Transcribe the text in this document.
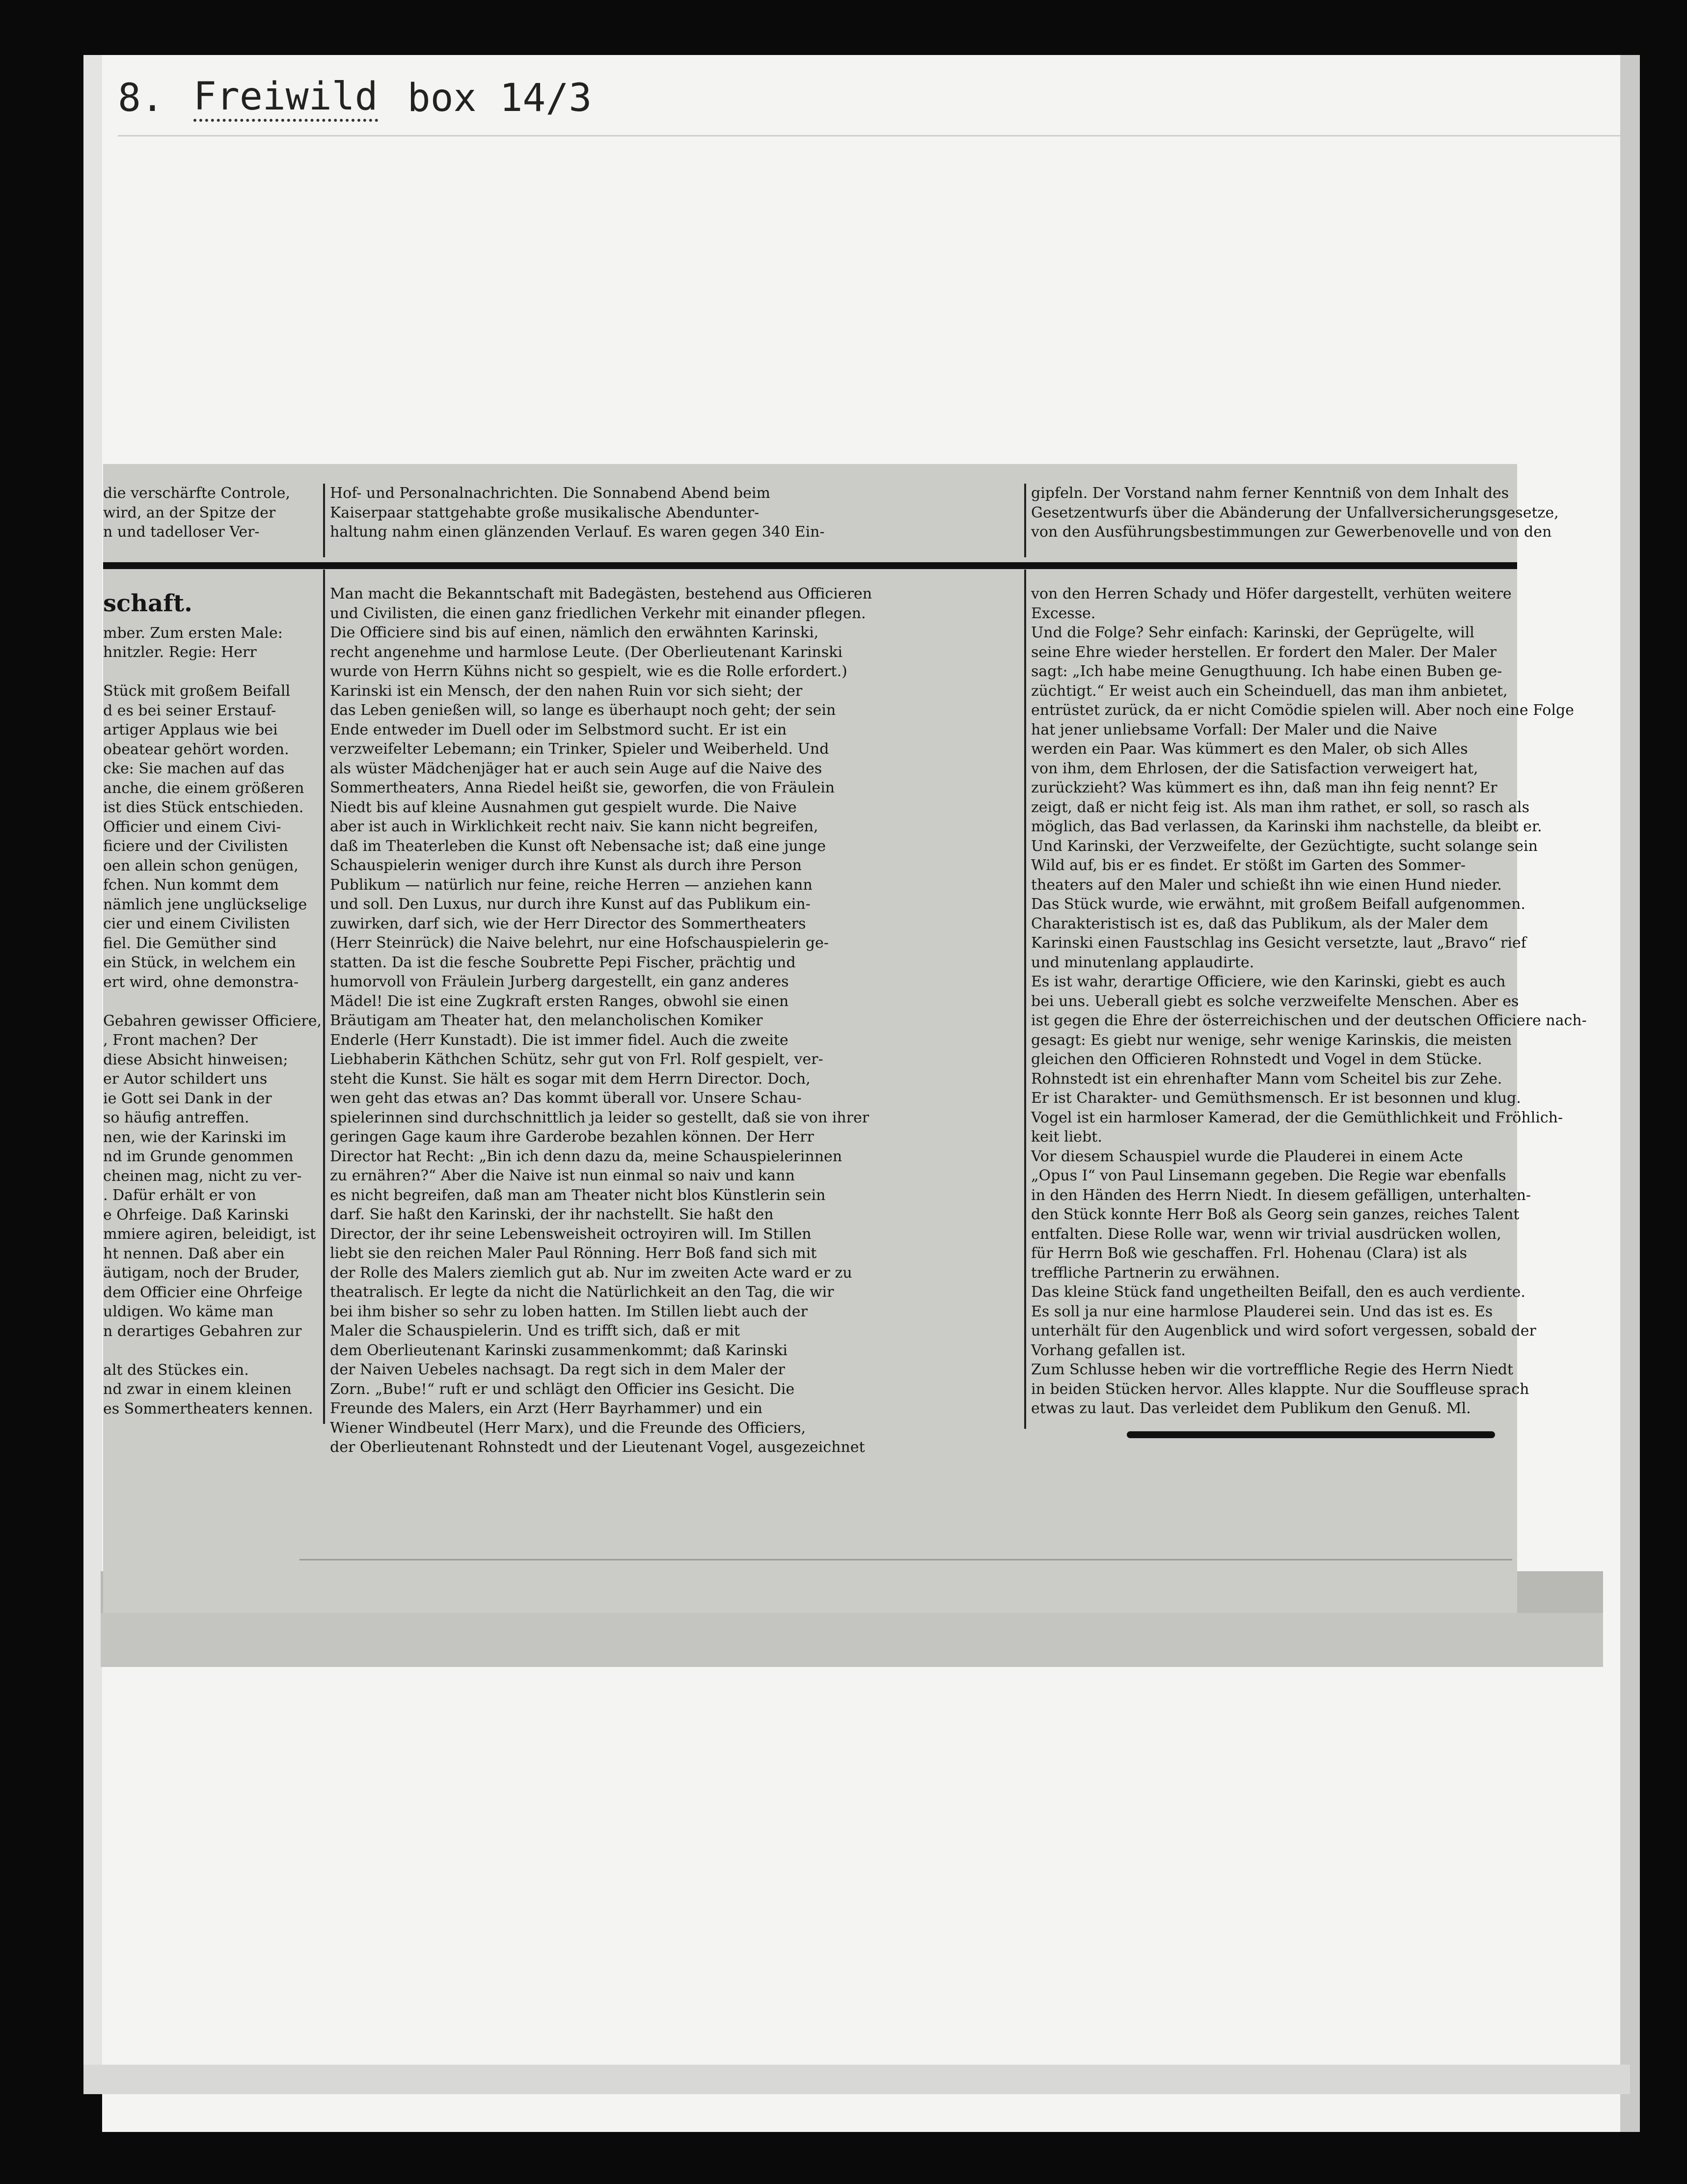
8. Freiwild box 14/3
die verschärfte Controle,
wird, an der Spitze der
n und tadelloser Ver-
Hof- und Personalnachrichten. Die Sonnabend Abend beim
Kaiserpaar stattgehabte große musikalische Abendunter-
haltung nahm einen glänzenden Verlauf. Es waren gegen 340 Ein-
gipfeln. Der Vorstand nahm ferner Kenntniß von dem Inhalt des
Gesetzentwurfs über die Abänderung der Unfallversicherungsgesetze,
von den Ausführungsbestimmungen zur Gewerbenovelle und von den
schaft.
mber. Zum ersten Male:
hnitzler. Regie: Herr

Stück mit großem Beifall
d es bei seiner Erstauf-
artiger Applaus wie bei
obeatear gehört worden.
cke: Sie machen auf das
anche, die einem größeren
ist dies Stück entschieden.
Officier und einem Civi-
ficiere und der Civilisten
oen allein schon genügen,
fchen. Nun kommt dem
nämlich jene unglückselige
cier und einem Civilisten
fiel. Die Gemüther sind
ein Stück, in welchem ein
ert wird, ohne demonstra-

Gebahren gewisser Officiere,
, Front machen? Der
diese Absicht hinweisen;
er Autor schildert uns
ie Gott sei Dank in der
so häufig antreffen.
nen, wie der Karinski im
nd im Grunde genommen
cheinen mag, nicht zu ver-
. Dafür erhält er von
e Ohrfeige. Daß Karinski
mmiere agiren, beleidigt, ist
ht nennen. Daß aber ein
äutigam, noch der Bruder,
dem Officier eine Ohrfeige
uldigen. Wo käme man
n derartiges Gebahren zur

alt des Stückes ein.
nd zwar in einem kleinen
es Sommertheaters kennen.
Man macht die Bekanntschaft mit Badegästen, bestehend aus Officieren
und Civilisten, die einen ganz friedlichen Verkehr mit einander pflegen.
Die Officiere sind bis auf einen, nämlich den erwähnten Karinski,
recht angenehme und harmlose Leute. (Der Oberlieutenant Karinski
wurde von Herrn Kühns nicht so gespielt, wie es die Rolle erfordert.)
Karinski ist ein Mensch, der den nahen Ruin vor sich sieht; der
das Leben genießen will, so lange es überhaupt noch geht; der sein
Ende entweder im Duell oder im Selbstmord sucht. Er ist ein
verzweifelter Lebemann; ein Trinker, Spieler und Weiberheld. Und
als wüster Mädchenjäger hat er auch sein Auge auf die Naive des
Sommertheaters, Anna Riedel heißt sie, geworfen, die von Fräulein
Niedt bis auf kleine Ausnahmen gut gespielt wurde. Die Naive
aber ist auch in Wirklichkeit recht naiv. Sie kann nicht begreifen,
daß im Theaterleben die Kunst oft Nebensache ist; daß eine junge
Schauspielerin weniger durch ihre Kunst als durch ihre Person
Publikum — natürlich nur feine, reiche Herren — anziehen kann
und soll. Den Luxus, nur durch ihre Kunst auf das Publikum ein-
zuwirken, darf sich, wie der Herr Director des Sommertheaters
(Herr Steinrück) die Naive belehrt, nur eine Hofschauspielerin ge-
statten. Da ist die fesche Soubrette Pepi Fischer, prächtig und
humorvoll von Fräulein Jurberg dargestellt, ein ganz anderes
Mädel! Die ist eine Zugkraft ersten Ranges, obwohl sie einen
Bräutigam am Theater hat, den melancholischen Komiker
Enderle (Herr Kunstadt). Die ist immer fidel. Auch die zweite
Liebhaberin Käthchen Schütz, sehr gut von Frl. Rolf gespielt, ver-
steht die Kunst. Sie hält es sogar mit dem Herrn Director. Doch,
wen geht das etwas an? Das kommt überall vor. Unsere Schau-
spielerinnen sind durchschnittlich ja leider so gestellt, daß sie von ihrer
geringen Gage kaum ihre Garderobe bezahlen können. Der Herr
Director hat Recht: „Bin ich denn dazu da, meine Schauspielerinnen
zu ernähren?“ Aber die Naive ist nun einmal so naiv und kann
es nicht begreifen, daß man am Theater nicht blos Künstlerin sein
darf. Sie haßt den Karinski, der ihr nachstellt. Sie haßt den
Director, der ihr seine Lebensweisheit octroyiren will. Im Stillen
liebt sie den reichen Maler Paul Rönning. Herr Boß fand sich mit
der Rolle des Malers ziemlich gut ab. Nur im zweiten Acte ward er zu
theatralisch. Er legte da nicht die Natürlichkeit an den Tag, die wir
bei ihm bisher so sehr zu loben hatten. Im Stillen liebt auch der
Maler die Schauspielerin. Und es trifft sich, daß er mit
dem Oberlieutenant Karinski zusammenkommt; daß Karinski
der Naiven Uebeles nachsagt. Da regt sich in dem Maler der
Zorn. „Bube!“ ruft er und schlägt den Officier ins Gesicht. Die
Freunde des Malers, ein Arzt (Herr Bayrhammer) und ein
Wiener Windbeutel (Herr Marx), und die Freunde des Officiers,
der Oberlieutenant Rohnstedt und der Lieutenant Vogel, ausgezeichnet
von den Herren Schady und Höfer dargestellt, verhüten weitere
Excesse.
Und die Folge? Sehr einfach: Karinski, der Geprügelte, will
seine Ehre wieder herstellen. Er fordert den Maler. Der Maler
sagt: „Ich habe meine Genugthuung. Ich habe einen Buben ge-
züchtigt.“ Er weist auch ein Scheinduell, das man ihm anbietet,
entrüstet zurück, da er nicht Comödie spielen will. Aber noch eine Folge
hat jener unliebsame Vorfall: Der Maler und die Naive
werden ein Paar. Was kümmert es den Maler, ob sich Alles
von ihm, dem Ehrlosen, der die Satisfaction verweigert hat,
zurückzieht? Was kümmert es ihn, daß man ihn feig nennt? Er
zeigt, daß er nicht feig ist. Als man ihm rathet, er soll, so rasch als
möglich, das Bad verlassen, da Karinski ihm nachstelle, da bleibt er.
Und Karinski, der Verzweifelte, der Gezüchtigte, sucht solange sein
Wild auf, bis er es findet. Er stößt im Garten des Sommer-
theaters auf den Maler und schießt ihn wie einen Hund nieder.
Das Stück wurde, wie erwähnt, mit großem Beifall aufgenommen.
Charakteristisch ist es, daß das Publikum, als der Maler dem
Karinski einen Faustschlag ins Gesicht versetzte, laut „Bravo“ rief
und minutenlang applaudirte.
Es ist wahr, derartige Officiere, wie den Karinski, giebt es auch
bei uns. Ueberall giebt es solche verzweifelte Menschen. Aber es
ist gegen die Ehre der österreichischen und der deutschen Officiere nach-
gesagt: Es giebt nur wenige, sehr wenige Karinskis, die meisten
gleichen den Officieren Rohnstedt und Vogel in dem Stücke.
Rohnstedt ist ein ehrenhafter Mann vom Scheitel bis zur Zehe.
Er ist Charakter- und Gemüthsmensch. Er ist besonnen und klug.
Vogel ist ein harmloser Kamerad, der die Gemüthlichkeit und Fröhlich-
keit liebt.
Vor diesem Schauspiel wurde die Plauderei in einem Acte
„Opus I“ von Paul Linsemann gegeben. Die Regie war ebenfalls
in den Händen des Herrn Niedt. In diesem gefälligen, unterhalten-
den Stück konnte Herr Boß als Georg sein ganzes, reiches Talent
entfalten. Diese Rolle war, wenn wir trivial ausdrücken wollen,
für Herrn Boß wie geschaffen. Frl. Hohenau (Clara) ist als
treffliche Partnerin zu erwähnen.
Das kleine Stück fand ungetheilten Beifall, den es auch verdiente.
Es soll ja nur eine harmlose Plauderei sein. Und das ist es. Es
unterhält für den Augenblick und wird sofort vergessen, sobald der
Vorhang gefallen ist.
Zum Schlusse heben wir die vortreffliche Regie des Herrn Niedt
in beiden Stücken hervor. Alles klappte. Nur die Souffleuse sprach
etwas zu laut. Das verleidet dem Publikum den Genuß. Ml.
